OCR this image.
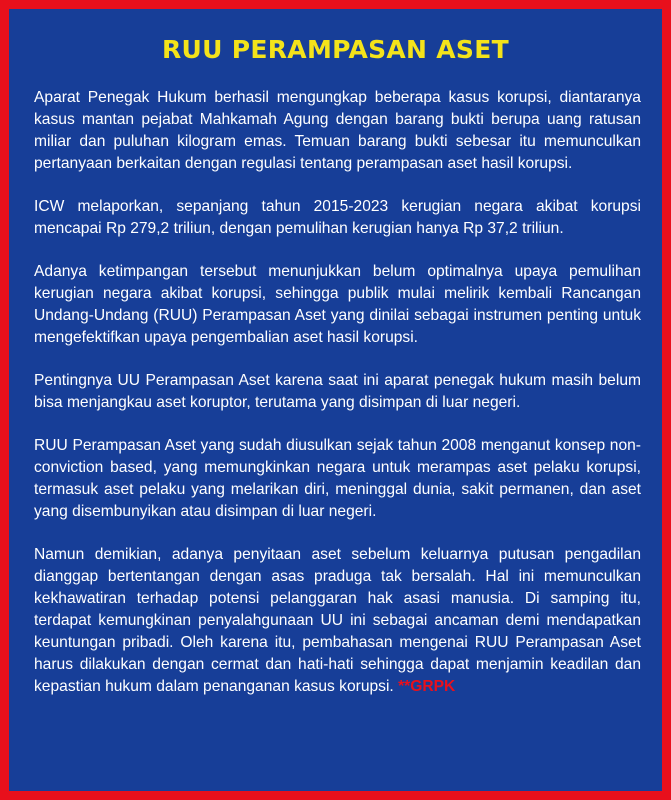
RUU PERAMPASAN ASET

Aparat Penegak Hukum berhasil mengungkap beberapa kasus korupsi, diantaranya kasus mantan pejabat Mahkamah Agung dengan barang bukti berupa uang ratusan miliar dan puluhan kilogram emas. Temuan barang bukti sebesar itu memunculkan pertanyaan berkaitan dengan regulasi tentang perampasan aset hasil korupsi.

ICW melaporkan, sepanjang tahun 2015-2023 kerugian negara akibat korupsi mencapai Rp 279,2 triliun, dengan pemulihan kerugian hanya Rp 37,2 triliun.

Adanya ketimpangan tersebut menunjukkan belum optimalnya upaya pemulihan kerugian negara akibat korupsi, sehingga publik mulai melirik kembali Rancangan Undang-Undang (RUU) Perampasan Aset yang dinilai sebagai instrumen penting untuk mengefektifkan upaya pengembalian aset hasil korupsi.

Pentingnya UU Perampasan Aset karena saat ini aparat penegak hukum masih belum bisa menjangkau aset koruptor, terutama yang disimpan di luar negeri.

RUU Perampasan Aset yang sudah diusulkan sejak tahun 2008 menganut konsep non-conviction based, yang memungkinkan negara untuk merampas aset pelaku korupsi, termasuk aset pelaku yang melarikan diri, meninggal dunia, sakit permanen, dan aset yang disembunyikan atau disimpan di luar negeri.

Namun demikian, adanya penyitaan aset sebelum keluarnya putusan pengadilan dianggap bertentangan dengan asas praduga tak bersalah. Hal ini memunculkan kekhawatiran terhadap potensi pelanggaran hak asasi manusia. Di samping itu, terdapat kemungkinan penyalahgunaan UU ini sebagai ancaman demi mendapatkan keuntungan pribadi. Oleh karena itu, pembahasan mengenai RUU Perampasan Aset harus dilakukan dengan cermat dan hati-hati sehingga dapat menjamin keadilan dan kepastian hukum dalam penanganan kasus korupsi. **GRPK
